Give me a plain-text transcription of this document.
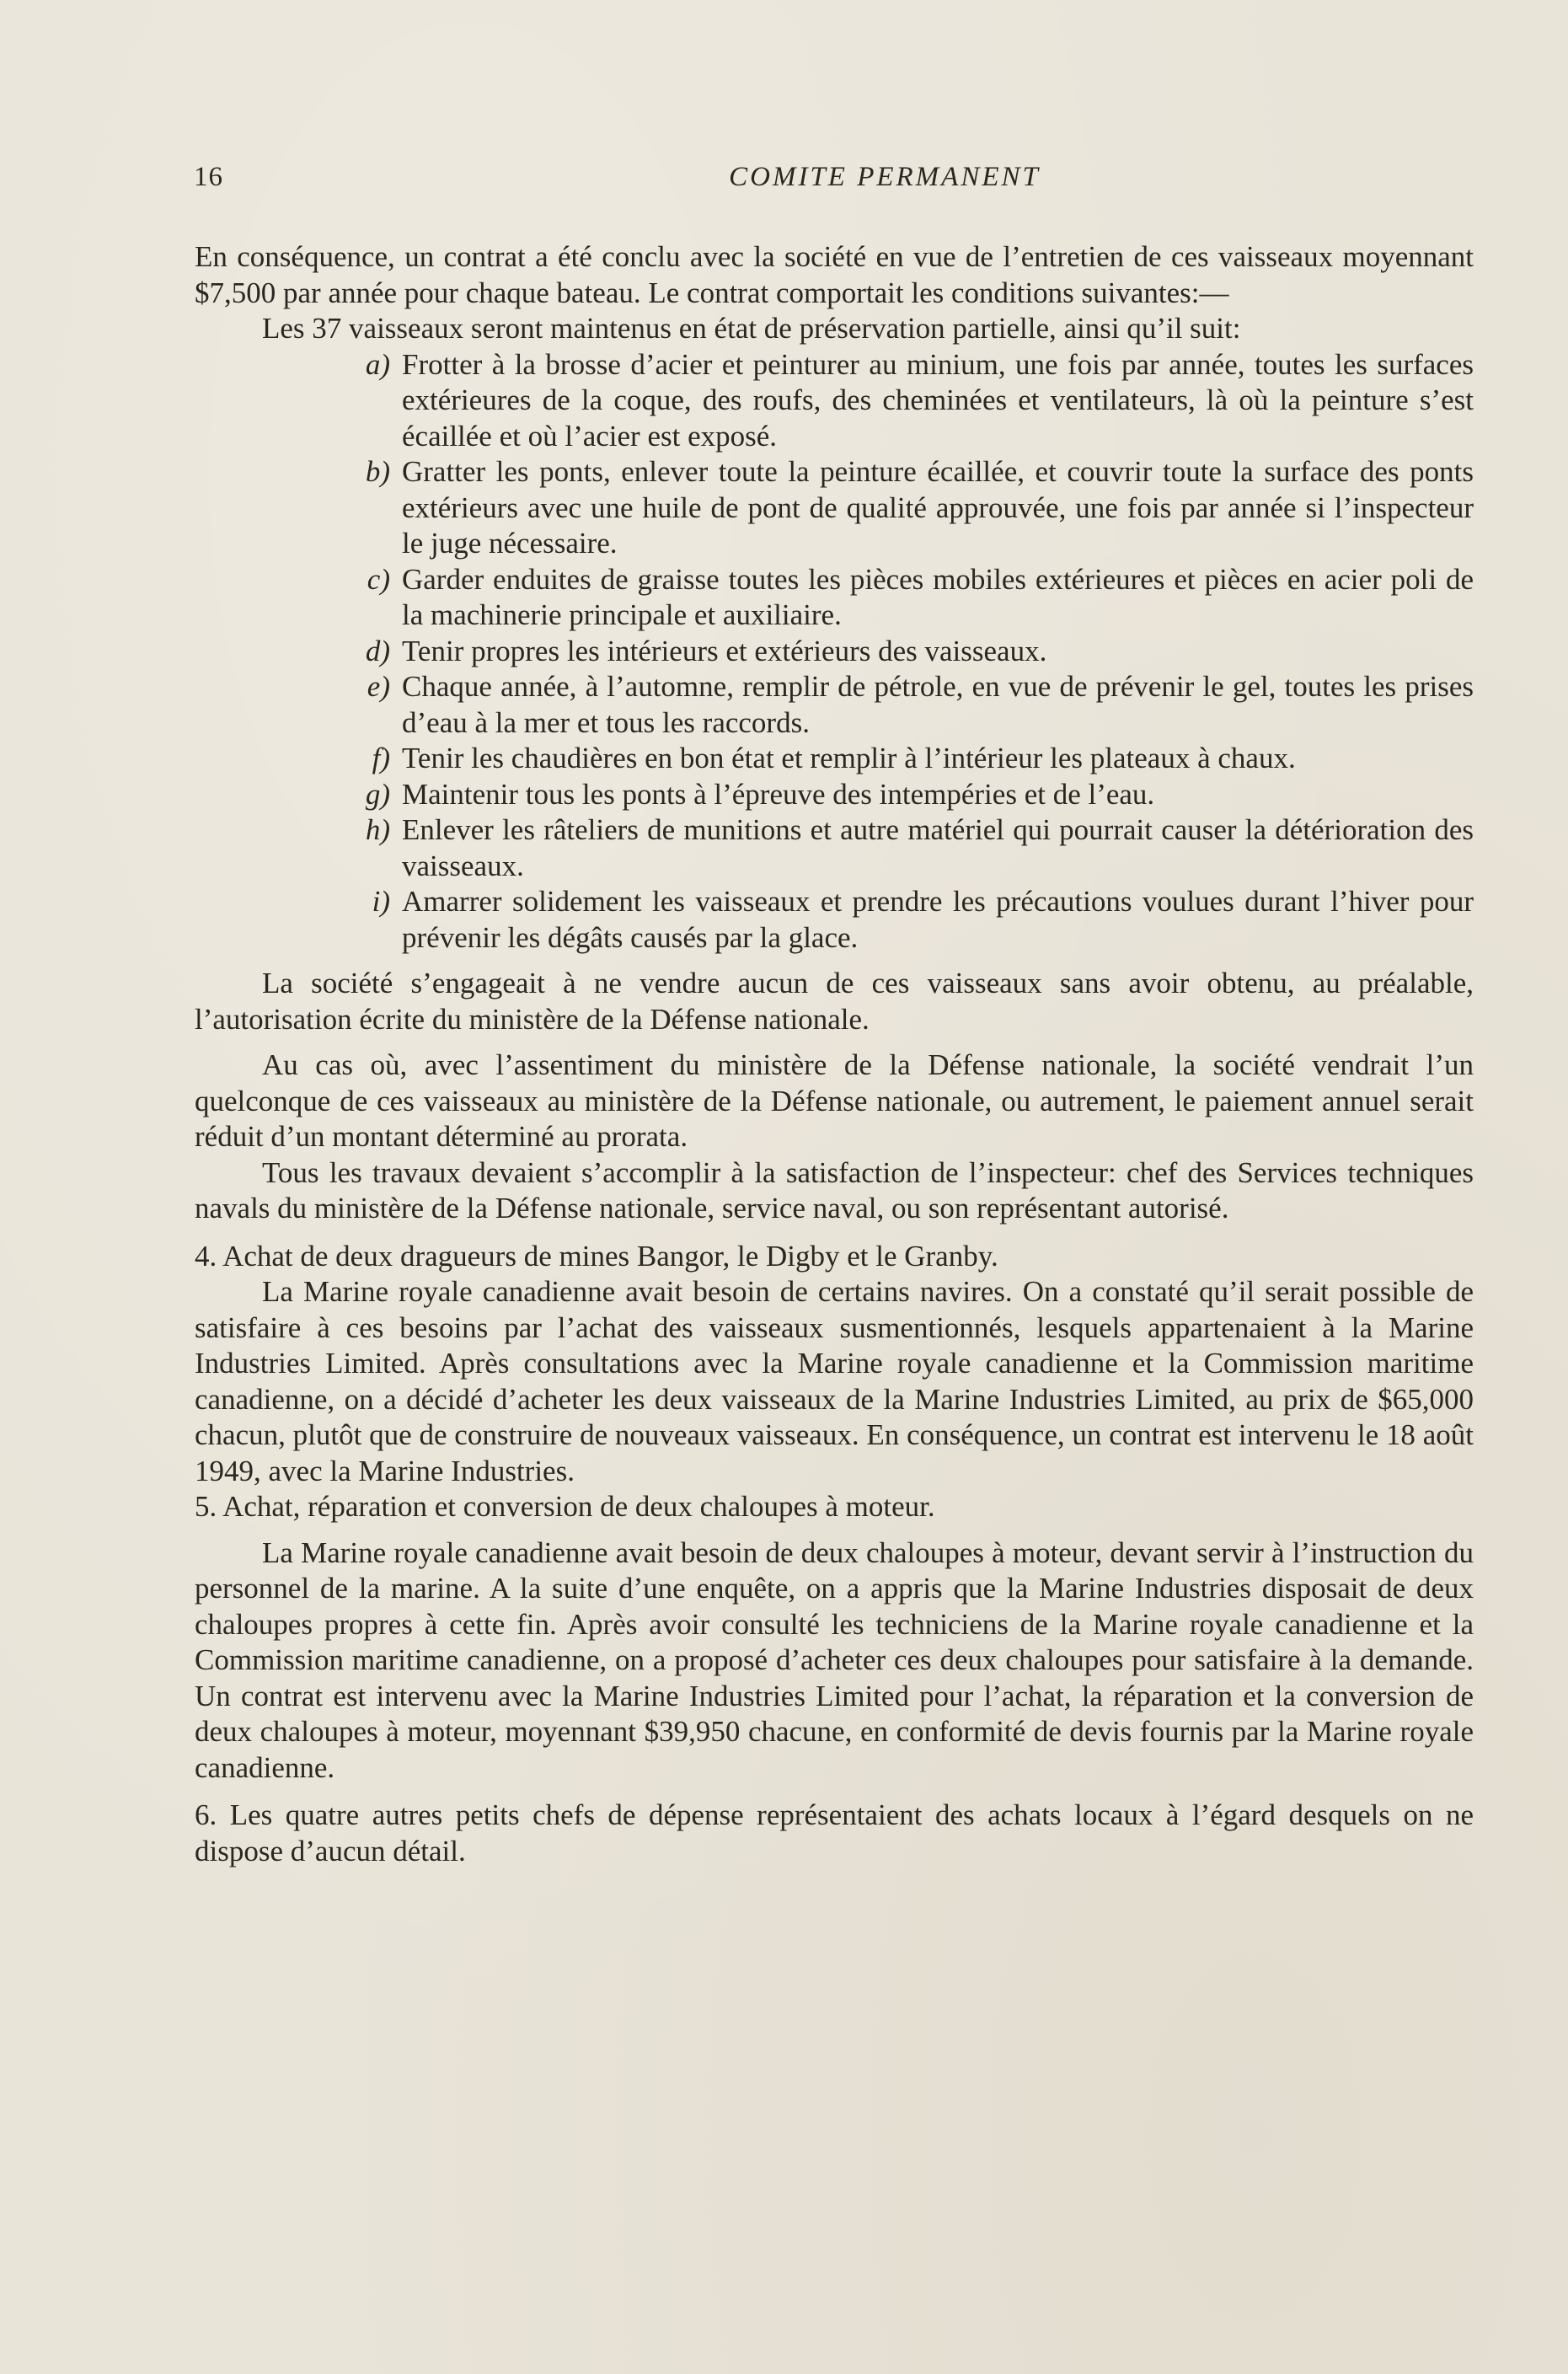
16	COMITE PERMANENT

En conséquence, un contrat a été conclu avec la société en vue de l’entretien de ces vaisseaux moyennant $7,500 par année pour chaque bateau. Le contrat comportait les conditions suivantes:—

Les 37 vaisseaux seront maintenus en état de préservation partielle, ainsi qu’il suit:

a) Frotter à la brosse d’acier et peinturer au minium, une fois par année, toutes les surfaces extérieures de la coque, des roufs, des cheminées et ventilateurs, là où la peinture s’est écaillée et où l’acier est exposé.
b) Gratter les ponts, enlever toute la peinture écaillée, et couvrir toute la surface des ponts extérieurs avec une huile de pont de qualité approuvée, une fois par année si l’inspecteur le juge nécessaire.
c) Garder enduites de graisse toutes les pièces mobiles extérieures et pièces en acier poli de la machinerie principale et auxiliaire.
d) Tenir propres les intérieurs et extérieurs des vaisseaux.
e) Chaque année, à l’automne, remplir de pétrole, en vue de prévenir le gel, toutes les prises d’eau à la mer et tous les raccords.
f) Tenir les chaudières en bon état et remplir à l’intérieur les plateaux à chaux.
g) Maintenir tous les ponts à l’épreuve des intempéries et de l’eau.
h) Enlever les râteliers de munitions et autre matériel qui pourrait causer la détérioration des vaisseaux.
i) Amarrer solidement les vaisseaux et prendre les précautions voulues durant l’hiver pour prévenir les dégâts causés par la glace.

La société s’engageait à ne vendre aucun de ces vaisseaux sans avoir obtenu, au préalable, l’autorisation écrite du ministère de la Défense nationale.

Au cas où, avec l’assentiment du ministère de la Défense nationale, la société vendrait l’un quelconque de ces vaisseaux au ministère de la Défense nationale, ou autrement, le paiement annuel serait réduit d’un montant déterminé au prorata.

Tous les travaux devaient s’accomplir à la satisfaction de l’inspecteur: chef des Services techniques navals du ministère de la Défense nationale, service naval, ou son représentant autorisé.

4. Achat de deux dragueurs de mines Bangor, le Digby et le Granby.

La Marine royale canadienne avait besoin de certains navires. On a constaté qu’il serait possible de satisfaire à ces besoins par l’achat des vaisseaux susmentionnés, lesquels appartenaient à la Marine Industries Limited. Après consultations avec la Marine royale canadienne et la Commission maritime canadienne, on a décidé d’acheter les deux vaisseaux de la Marine Industries Limited, au prix de $65,000 chacun, plutôt que de construire de nouveaux vaisseaux. En conséquence, un contrat est intervenu le 18 août 1949, avec la Marine Industries.

5. Achat, réparation et conversion de deux chaloupes à moteur.

La Marine royale canadienne avait besoin de deux chaloupes à moteur, devant servir à l’instruction du personnel de la marine. A la suite d’une enquête, on a appris que la Marine Industries disposait de deux chaloupes propres à cette fin. Après avoir consulté les techniciens de la Marine royale canadienne et la Commission maritime canadienne, on a proposé d’acheter ces deux chaloupes pour satisfaire à la demande. Un contrat est intervenu avec la Marine Industries Limited pour l’achat, la réparation et la conversion de deux chaloupes à moteur, moyennant $39,950 chacune, en conformité de devis fournis par la Marine royale canadienne.

6. Les quatre autres petits chefs de dépense représentaient des achats locaux à l’égard desquels on ne dispose d’aucun détail.
